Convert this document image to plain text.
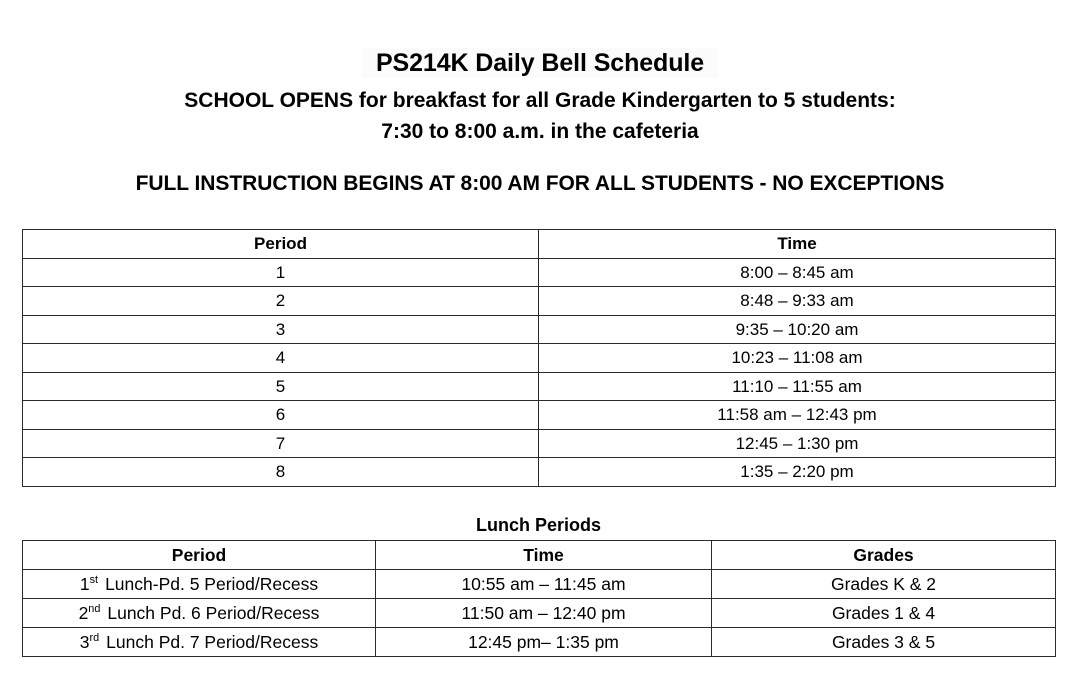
PS214K Daily Bell Schedule
SCHOOL OPENS for breakfast for all Grade Kindergarten to 5 students:
7:30 to 8:00 a.m. in the cafeteria
FULL INSTRUCTION BEGINS AT 8:00 AM FOR ALL STUDENTS - NO EXCEPTIONS
Period	Time
1	8:00 – 8:45 am
2	8:48 – 9:33 am
3	9:35 – 10:20 am
4	10:23 – 11:08 am
5	11:10 – 11:55 am
6	11:58 am – 12:43 pm
7	12:45 – 1:30 pm
8	1:35 – 2:20 pm
Lunch Periods
Period	Time	Grades
1st Lunch-Pd. 5 Period/Recess	10:55 am – 11:45 am	Grades K & 2
2nd Lunch Pd. 6 Period/Recess	11:50 am – 12:40 pm	Grades 1 & 4
3rd Lunch Pd. 7 Period/Recess	12:45 pm– 1:35 pm	Grades 3 & 5
